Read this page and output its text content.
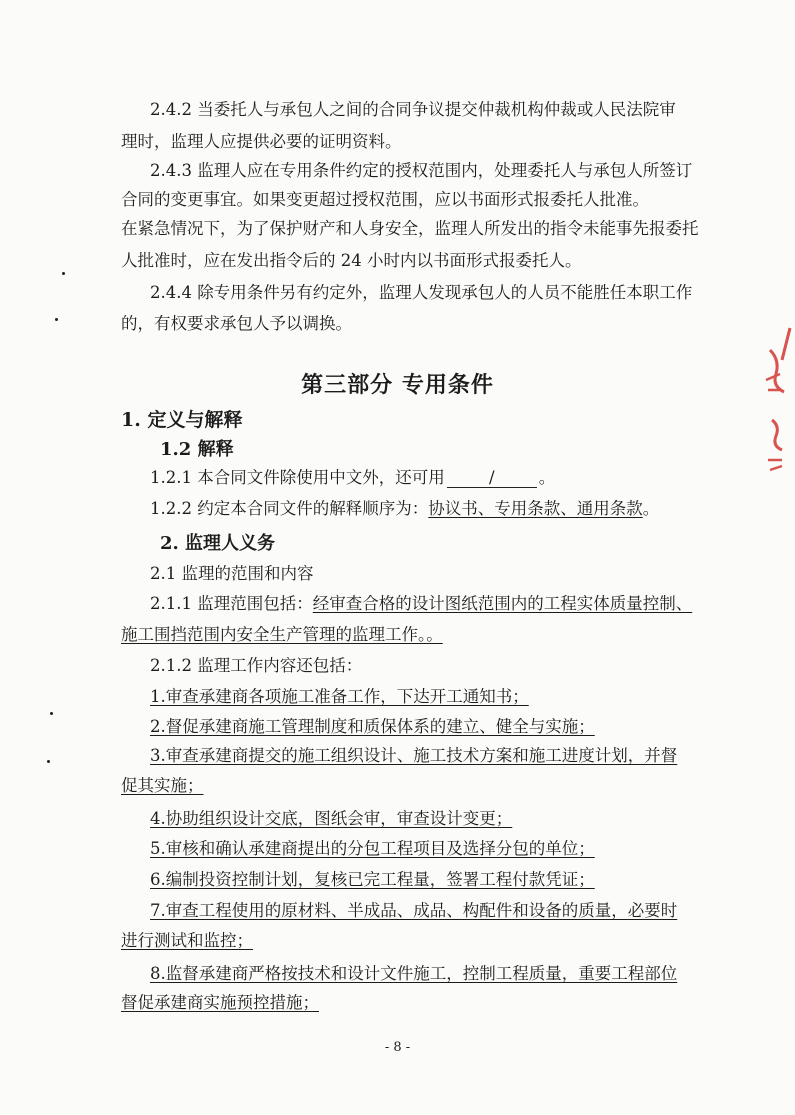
2.4.2 当委托人与承包人之间的合同争议提交仲裁机构仲裁或人民法院审
理时，监理人应提供必要的证明资料。
2.4.3 监理人应在专用条件约定的授权范围内，处理委托人与承包人所签订
合同的变更事宜。如果变更超过授权范围，应以书面形式报委托人批准。
在紧急情况下，为了保护财产和人身安全，监理人所发出的指令未能事先报委托
人批准时，应在发出指令后的 24 小时内以书面形式报委托人。
2.4.4 除专用条件另有约定外，监理人发现承包人的人员不能胜任本职工作
的，有权要求承包人予以调换。
第三部分 专用条件
1. 定义与解释
1.2 解释
1.2.1 本合同文件除使用中文外，还可用	/	。
1.2.2 约定本合同文件的解释顺序为：协议书、专用条款、通用条款。
2. 监理人义务
2.1 监理的范围和内容
2.1.1 监理范围包括：经审查合格的设计图纸范围内的工程实体质量控制、
施工围挡范围内安全生产管理的监理工作。。
2.1.2 监理工作内容还包括：
1.审查承建商各项施工准备工作，下达开工通知书；
2.督促承建商施工管理制度和质保体系的建立、健全与实施；
3.审查承建商提交的施工组织设计、施工技术方案和施工进度计划，并督
促其实施；
4.协助组织设计交底，图纸会审，审查设计变更；
5.审核和确认承建商提出的分包工程项目及选择分包的单位；
6.编制投资控制计划，复核已完工程量，签署工程付款凭证；
7.审查工程使用的原材料、半成品、成品、构配件和设备的质量，必要时
进行测试和监控；
8.监督承建商严格按技术和设计文件施工，控制工程质量，重要工程部位
督促承建商实施预控措施；
- 8 -
